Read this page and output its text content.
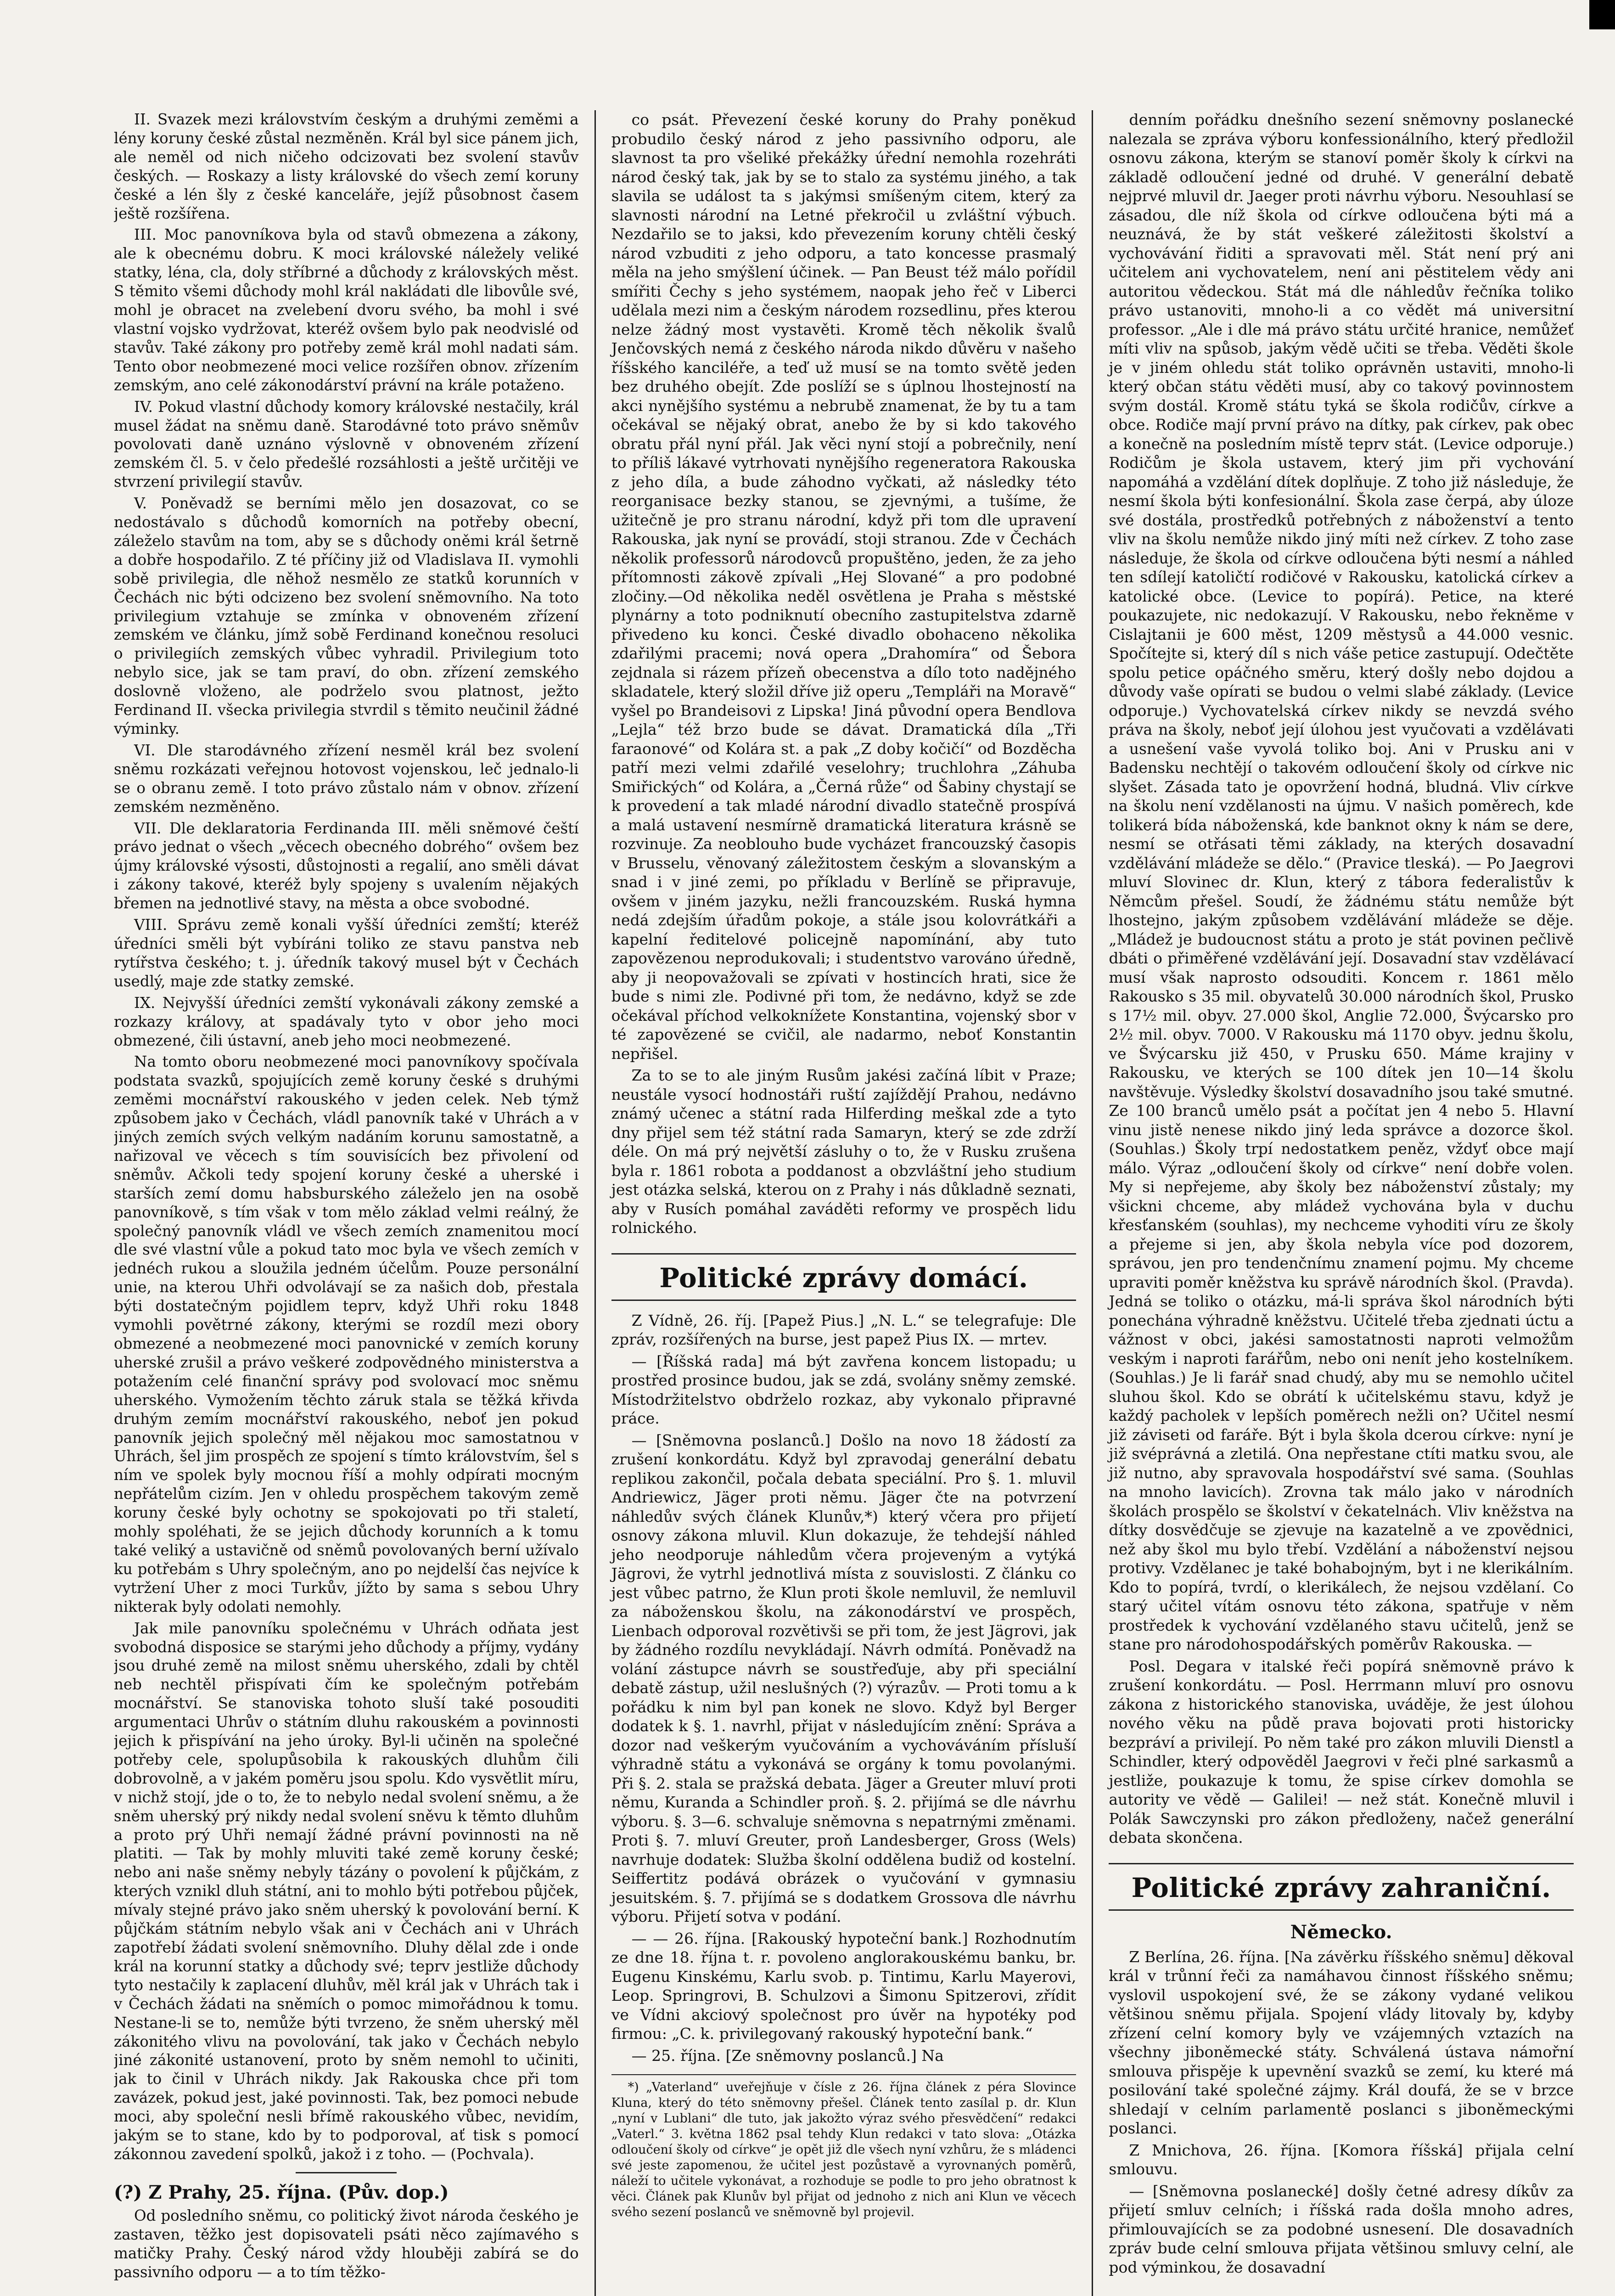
II. Svazek mezi královstvím českým a druhými zeměmi a lény koruny české zůstal nezměněn. Král byl sice pánem jich, ale neměl od nich ničeho odcizovati bez svolení stavův českých. — Roskazy a listy královské do všech zemí koruny české a lén šly z české kanceláře, jejíž působnost časem ještě rozšířena.

III. Moc panovníkova byla od stavů obmezena a zákony, ale k obecnému dobru. K moci královské náležely veliké statky, léna, cla, doly stříbrné a důchody z královských měst. S těmito všemi důchody mohl král nakládati dle libovůle své, mohl je obracet na zvelebení dvoru svého, ba mohl i své vlastní vojsko vydržovat, kteréž ovšem bylo pak neodvislé od stavův. Také zákony pro potřeby země král mohl nadati sám. Tento obor neobmezené moci velice rozšířen obnov. zřízením zemským, ano celé zákonodárství právní na krále potaženo.

IV. Pokud vlastní důchody komory královské nestačily, král musel žádat na sněmu daně. Starodávné toto právo sněmův povolovati daně uznáno výslovně v obnoveném zřízení zemském čl. 5. v čelo předešlé rozsáhlosti a ještě určitěji ve stvrzení privilegií stavův.

V. Poněvadž se berními mělo jen dosazovat, co se nedostávalo s důchodů komorních na potřeby obecní, záleželo stavům na tom, aby se s důchody oněmi král šetrně a dobře hospodařilo. Z té příčiny již od Vladislava II. vymohli sobě privilegia, dle něhož nesmělo ze statků korunních v Čechách nic býti odcizeno bez svolení sněmovního. Na toto privilegium vztahuje se zmínka v obnoveném zřízení zemském ve článku, jímž sobě Ferdinand konečnou resoluci o privilegiích zemských vůbec vyhradil. Privilegium toto nebylo sice, jak se tam praví, do obn. zřízení zemského doslovně vloženo, ale podrželo svou platnost, ježto Ferdinand II. všecka privilegia stvrdil s těmito neučinil žádné výminky.

VI. Dle starodávného zřízení nesměl král bez svolení sněmu rozkázati veřejnou hotovost vojenskou, leč jednalo-li se o obranu země. I toto právo zůstalo nám v obnov. zřízení zemském nezměněno.

VII. Dle deklaratoria Ferdinanda III. měli sněmové čeští právo jednat o všech „věcech obecného dobrého“ ovšem bez újmy královské výsosti, důstojnosti a regalií, ano směli dávat i zákony takové, kteréž byly spojeny s uvalením nějakých břemen na jednotlivé stavy, na města a obce svobodné.

VIII. Správu země konali vyšší úředníci zemští; kteréž úředníci směli být vybíráni toliko ze stavu panstva neb rytířstva českého; t. j. úředník takový musel být v Čechách usedlý, maje zde statky zemské.

IX. Nejvyšší úředníci zemští vykonávali zákony zemské a rozkazy královy, at spadávaly tyto v obor jeho moci obmezené, čili ústavní, aneb jeho moci neobmezené.

Na tomto oboru neobmezené moci panovníkovy spočívala podstata svazků, spojujících země koruny české s druhými zeměmi mocnářství rakouského v jeden celek. Neb týmž způsobem jako v Čechách, vládl panovník také v Uhrách a v jiných zemích svých velkým nadáním korunu samostatně, a nařizoval ve věcech s tím souvisících bez přivolení od sněmův. Ačkoli tedy spojení koruny české a uherské i starších zemí domu habsburského záleželo jen na osobě panovníkově, s tím však v tom mělo základ velmi reálný, že společný panovník vládl ve všech zemích znamenitou mocí dle své vlastní vůle a pokud tato moc byla ve všech zemích v jednéch rukou a sloužila jedném účelům. Pouze personální unie, na kterou Uhři odvolávají se za našich dob, přestala býti dostatečným pojidlem teprv, když Uhři roku 1848 vymohli povětrné zákony, kterými se rozdíl mezi obory obmezené a neobmezené moci panovnické v zemích koruny uherské zrušil a právo veškeré zodpovědného ministerstva a potažením celé finanční správy pod svolovací moc sněmu uherského. Vymožením těchto záruk stala se těžká křivda druhým zemím mocnářství rakouského, neboť jen pokud panovník jejich společný měl nějakou moc samostatnou v Uhrách, šel jim prospěch ze spojení s tímto královstvím, šel s ním ve spolek byly mocnou říší a mohly odpírati mocným nepřátelům cizím. Jen v ohledu prospěchem takovým země koruny české byly ochotny se spokojovati po tři staletí, mohly spoléhati, že se jejich důchody korunních a k tomu také veliký a ustavičně od sněmů povolovaných berní užívalo ku potřebám s Uhry společným, ano po nejdelší čas nejvíce k vytržení Uher z moci Turkův, jížto by sama s sebou Uhry nikterak byly odolati nemohly.

Jak mile panovníku společnému v Uhrách odňata jest svobodná disposice se starými jeho důchody a příjmy, vydány jsou druhé země na milost sněmu uherského, zdali by chtěl neb nechtěl přispívati čím ke společným potřebám mocnářství. Se stanoviska tohoto sluší také posouditi argumentaci Uhrův o státním dluhu rakouském a povinnosti jejich k přispívání na jeho úroky. Byl-li učiněn na společné potřeby cele, spolupůsobila k rakouských dluhům čili dobrovolně, a v jakém poměru jsou spolu. Kdo vysvětlit míru, v nichž stojí, jde o to, že to nebylo nedal svolení sněmu, a že sněm uherský prý nikdy nedal svolení sněvu k těmto dluhům a proto prý Uhři nemají žádné právní povinnosti na ně platiti. — Tak by mohly mluviti také země koruny české; nebo ani naše sněmy nebyly tázány o povolení k půjčkám, z kterých vznikl dluh státní, ani to mohlo býti potřebou půjček, mívaly stejné právo jako sněm uherský k povolování berní. K půjčkám státním nebylo však ani v Čechách ani v Uhrách zapotřebí žádati svolení sněmovního. Dluhy dělal zde i onde král na korunní statky a důchody své; teprv jestliže důchody tyto nestačily k zaplacení dluhův, měl král jak v Uhrách tak i v Čechách žádati na sněmích o pomoc mimořádnou k tomu. Nestane-li se to, nemůže býti tvrzeno, že sněm uherský měl zákonitého vlivu na povolování, tak jako v Čechách nebylo jiné zákonité ustanovení, proto by sněm nemohl to učiniti, jak to činil v Uhrách nikdy. Jak Rakouska chce při tom zavázek, pokud jest, jaké povinnosti. Tak, bez pomoci nebude moci, aby společní nesli břímě rakouského vůbec, nevidím, jakým se to stane, kdo by to podporoval, ať tisk s pomocí zákonnou zavedení spolků, jakož i z toho. — (Pochvala).

(?) Z Prahy, 25. října. (Pův. dop.)

Od posledního sněmu, co politický život národa českého je zastaven, těžko jest dopisovateli psáti něco zajímavého s matičky Prahy. Český národ vždy hlouběji zabírá se do passivního odporu — a to tím těžko-

co psát. Převezení české koruny do Prahy poněkud probudilo český národ z jeho passivního odporu, ale slavnost ta pro všeliké překážky úřední nemohla rozehráti národ český tak, jak by se to stalo za systému jiného, a tak slavila se událost ta s jakýmsi smíšeným citem, který za slavnosti národní na Letné překročil u zvláštní výbuch. Nezdařilo se to jaksi, kdo převezením koruny chtěli český národ vzbuditi z jeho odporu, a tato koncesse prasmalý měla na jeho smýšlení účinek. — Pan Beust též málo pořídil smířiti Čechy s jeho systémem, naopak jeho řeč v Liberci udělala mezi nim a českým národem rozsedlinu, přes kterou nelze žádný most vystavěti. Kromě těch několik švalů Jenčovských nemá z českého národa nikdo důvěru v našeho říšského kanciléře, a teď už musí se na tomto světě jeden bez druhého obejít. Zde poslíží se s úplnou lhostejností na akci nynějšího systému a nebrubě znamenat, že by tu a tam očekával se nějaký obrat, anebo že by si kdo takového obratu přál nyní přál. Jak věci nyní stojí a pobrečnily, není to příliš lákavé vytrhovati nynějšího regeneratora Rakouska z jeho díla, a bude záhodno vyčkati, až následky této reorganisace bezky stanou, se zjevnými, a tušíme, že užitečně je pro stranu národní, když při tom dle upravení Rakouska, jak nyní se provádí, stoji stranou. Zde v Čechách několik professorů národovců propuštěno, jeden, že za jeho přítomnosti zákově zpívali „Hej Slované“ a pro podobné zločiny.—Od několika neděl osvětlena je Praha s městské plynárny a toto podniknutí obecního zastupitelstva zdarně přivedeno ku konci. České divadlo obohaceno několika zdařilými pracemi; nová opera „Drahomíra“ od Šebora zejdnala si rázem přízeň obecenstva a dílo toto nadějného skladatele, který složil dříve již operu „Templáři na Moravě“ vyšel po Brandeisovi z Lipska! Jiná původní opera Bendlova „Lejla“ též brzo bude se dávat. Dramatická díla „Tři faraonové“ od Kolára st. a pak „Z doby kočičí“ od Bozděcha patří mezi velmi zdařilé veselohry; truchlohra „Záhuba Smiřických“ od Kolára, a „Černá růže“ od Šabiny chystají se k provedení a tak mladé národní divadlo statečně prospívá a malá ustavení nesmírně dramatická literatura krásně se rozvinuje. Za neoblouho bude vycházet francouzský časopis v Brusselu, věnovaný záležitostem českým a slovanským a snad i v jiné zemi, po příkladu v Berlíně se připravuje, ovšem v jiném jazyku, nežli francouzském. Ruská hymna nedá zdejším úřadům pokoje, a stále jsou kolovrátkáři a kapelní ředitelové policejně napomínání, aby tuto zapovězenou neprodukovali; i studentstvo varováno úředně, aby ji neopovažovali se zpívati v hostincích hrati, sice že bude s nimi zle. Podivné při tom, že nedávno, když se zde očekával příchod velkoknížete Konstantina, vojenský sbor v té zapovězené se cvičil, ale nadarmo, neboť Konstantin nepřišel.

Za to se to ale jiným Rusům jakési začíná líbit v Praze; neustále vysocí hodnostáři ruští zajíždějí Prahou, nedávno známý učenec a státní rada Hilferding meškal zde a tyto dny přijel sem též státní rada Samaryn, který se zde zdrží déle. On má prý největší zásluhy o to, že v Rusku zrušena byla r. 1861 robota a poddanost a obzvláštní jeho studium jest otázka selská, kterou on z Prahy i nás důkladně seznati, aby v Rusích pomáhal zaváděti reformy ve prospěch lidu rolnického.

Politické zprávy domácí.

Z Vídně, 26. říj. [Papež Pius.] „N. L.“ se telegrafuje: Dle zpráv, rozšířených na burse, jest papež Pius IX. — mrtev.

— [Říšská rada] má být zavřena koncem listopadu; u prostřed prosince budou, jak se zdá, svolány sněmy zemské. Místodržitelstvo obdrželo rozkaz, aby vykonalo připravné práce.

— [Sněmovna poslanců.] Došlo na novo 18 žádostí za zrušení konkordátu. Když byl zpravodaj generální debatu replikou zakončil, počala debata speciální. Pro §. 1. mluvil Andriewicz, Jäger proti němu. Jäger čte na potvrzení náhledův svých článek Klunův,*) který včera pro přijetí osnovy zákona mluvil. Klun dokazuje, že tehdejší náhled jeho neodporuje náhledům včera projeveným a vytýká Jägrovi, že vytrhl jednotlivá místa z souvislosti. Z článku co jest vůbec patrno, že Klun proti škole nemluvil, že nemluvil za náboženskou školu, na zákonodárství ve prospěch, Lienbach odporoval rozvětivši se při tom, že jest Jägrovi, jak by žádného rozdílu nevykládají. Návrh odmítá. Poněvadž na volání zástupce návrh se soustřeďuje, aby při speciální debatě zástup, užil neslušných (?) výrazův. — Proti tomu a k pořádku k nim byl pan konek ne slovo. Když byl Berger dodatek k §. 1. navrhl, přijat v následujícím znění: Správa a dozor nad veškerým vyučováním a vychováváním přísluší výhradně státu a vykonává se orgány k tomu povolanými. Při §. 2. stala se pražská debata. Jäger a Greuter mluví proti němu, Kuranda a Schindler proň. §. 2. přijímá se dle návrhu výboru. §. 3—6. schvaluje sněmovna s nepatrnými změnami. Proti §. 7. mluví Greuter, proň Landesberger, Gross (Wels) navrhuje dodatek: Služba školní oddělena budiž od kostelní. Seiffertitz podává obrázek o vyučování v gymnasiu jesuitském. §. 7. přijímá se s dodatkem Grossova dle návrhu výboru. Přijetí sotva v podání.

— — 26. října. [Rakouský hypoteční bank.] Rozhodnutím ze dne 18. října t. r. povoleno anglorakouskému banku, br. Eugenu Kinskému, Karlu svob. p. Tintimu, Karlu Mayerovi, Leop. Springrovi, B. Schulzovi a Šimonu Spitzerovi, zřídit ve Vídni akciový společnost pro úvěr na hypotéky pod firmou: „C. k. privilegovaný rakouský hypoteční bank.“

— 25. října. [Ze sněmovny poslanců.] Na

*) „Vaterland“ uveřejňuje v čísle z 26. října článek z péra Slovince Kluna, který do této sněmovny přešel. Článek tento zasílal p. dr. Klun „nyní v Lublani“ dle tuto, jak jakožto výraz svého přesvědčení“ redakci „Vaterl.“ 3. května 1862 psal tehdy Klun redakci v tato slova: „Otázka odloučení školy od církve“ je opět již dle všech nyní vzhůru, že s mládenci své jeste zapomenou, že učitel jest pozůstavě a vyrovnaných poměrů, náleží to učitele vykonávat, a rozhoduje se podle to pro jeho obratnost k věci. Článek pak Klunův byl přijat od jednoho z nich ani Klun ve věcech svého sezení poslanců ve sněmovně byl projevil.

denním pořádku dnešního sezení sněmovny poslanecké nalezala se zpráva výboru konfessionálního, který předložil osnovu zákona, kterým se stanoví poměr školy k církvi na základě odloučení jedné od druhé. V generální debatě nejprvé mluvil dr. Jaeger proti návrhu výboru. Nesouhlasí se zásadou, dle níž škola od církve odloučena býti má a neuznává, že by stát veškeré záležitosti školství a vychovávání řiditi a spravovati měl. Stát není prý ani učitelem ani vychovatelem, není ani pěstitelem vědy ani autoritou vědeckou. Stát má dle náhledův řečníka toliko právo ustanoviti, mnoho-li a co vědět má universitní professor. „Ale i dle má právo státu určité hranice, nemůžeť míti vliv na spůsob, jakým vědě učiti se třeba. Věděti škole je v jiném ohledu stát toliko oprávněn ustaviti, mnoho-li který občan státu věděti musí, aby co takový povinnostem svým dostál. Kromě státu tyká se škola rodičův, církve a obce. Rodiče mají první právo na dítky, pak církev, pak obec a konečně na posledním místě teprv stát. (Levice odporuje.) Rodičům je škola ustavem, který jim při vychování napomáhá a vzdělání dítek doplňuje. Z toho již následuje, že nesmí škola býti konfesionální. Škola zase čerpá, aby úloze své dostála, prostředků potřebných z náboženství a tento vliv na školu nemůže nikdo jiný míti než církev. Z toho zase následuje, že škola od církve odloučena býti nesmí a náhled ten sdílejí katoličtí rodičové v Rakousku, katolická církev a katolické obce. (Levice to popírá). Petice, na které poukazujete, nic nedokazují. V Rakousku, nebo řekněme v Cislajtanii je 600 měst, 1209 městysů a 44.000 vesnic. Spočítejte si, který díl s nich váše petice zastupují. Odečtěte spolu petice opáčného směru, který došly nebo dojdou a důvody vaše opírati se budou o velmi slabé základy. (Levice odporuje.) Vychovatelská církev nikdy se nevzdá svého práva na školy, neboť její úlohou jest vyučovati a vzdělávati a usnešení vaše vyvolá toliko boj. Ani v Prusku ani v Badensku nechtějí o takovém odloučení školy od církve nic slyšet. Zásada tato je opovržení hodná, bludná. Vliv církve na školu není vzdělanosti na újmu. V našich poměrech, kde tolikerá bída náboženská, kde banknot okny k nám se dere, nesmí se otřásati těmi základy, na kterých dosavadní vzdělávání mládeže se dělo.“ (Pravice tleská). — Po Jaegrovi mluví Slovinec dr. Klun, který z tábora federalistův k Němcům přešel. Soudí, že žádnému státu nemůže být lhostejno, jakým způsobem vzdělávání mládeže se děje. „Mládež je budoucnost státu a proto je stát povinen pečlivě dbáti o přiměřené vzdělávání její. Dosavadní stav vzdělávací musí však naprosto odsouditi. Koncem r. 1861 mělo Rakousko s 35 mil. obyvatelů 30.000 národních škol, Prusko s 17½ mil. obyv. 27.000 škol, Anglie 72.000, Švýcarsko pro 2½ mil. obyv. 7000. V Rakousku má 1170 obyv. jednu školu, ve Švýcarsku již 450, v Prusku 650. Máme krajiny v Rakousku, ve kterých se 100 dítek jen 10—14 školu navštěvuje. Výsledky školství dosavadního jsou také smutné. Ze 100 branců umělo psát a počítat jen 4 nebo 5. Hlavní vinu jistě nenese nikdo jiný leda správce a dozorce škol. (Souhlas.) Školy trpí nedostatkem peněz, vždyť obce mají málo. Výraz „odloučení školy od církve“ není dobře volen. My si nepřejeme, aby školy bez náboženství zůstaly; my všickni chceme, aby mládež vychována byla v duchu křesťanském (souhlas), my nechceme vyhoditi víru ze školy a přejeme si jen, aby škola nebyla více pod dozorem, správou, jen pro tendenčnímu znamení pojmu. My chceme upraviti poměr kněžstva ku správě národních škol. (Pravda). Jedná se toliko o otázku, má-li správa škol národních býti ponechána výhradně kněžstvu. Učitelé třeba zjednati úctu a vážnost v obci, jakési samostatnosti naproti velmožům veským i naproti farářům, nebo oni nenít jeho kostelníkem. (Souhlas.) Je li farář snad chudý, aby mu se nemohlo učitel sluhou škol. Kdo se obrátí k učitelskému stavu, když je každý pacholek v lepších poměrech nežli on? Učitel nesmí již záviseti od faráře. Být i byla škola dcerou církve: nyní je již svéprávná a zletilá. Ona nepřestane ctíti matku svou, ale již nutno, aby spravovala hospodářství své sama. (Souhlas na mnoho lavicích). Zrovna tak málo jako v národních školách prospělo se školství v čekatelnách. Vliv kněžstva na dítky dosvědčuje se zjevuje na kazatelně a ve zpovědnici, než aby škol mu bylo třebí. Vzdělání a náboženství nejsou protivy. Vzdělanec je také bohabojným, byt i ne klerikálním. Kdo to popírá, tvrdí, o klerikálech, že nejsou vzdělaní. Co starý učitel vítám osnovu této zákona, spatřuje v něm prostředek k vychování vzdělaného stavu učitelů, jenž se stane pro národohospodářských poměrův Rakouska. —

Posl. Degara v italské řeči popírá sněmovně právo k zrušení konkordátu. — Posl. Herrmann mluví pro osnovu zákona z historického stanoviska, uváděje, že jest úlohou nového věku na půdě prava bojovati proti historicky bezpráví a privilejí. Po něm také pro zákon mluvili Dienstl a Schindler, který odpověděl Jaegrovi v řeči plné sarkasmů a jestliže, poukazuje k tomu, že spise církev domohla se autority ve vědě — Galilei! — než stát. Konečně mluvil i Polák Sawczynski pro zákon předloženy, načež generální debata skončena.

Politické zprávy zahraniční.
Německo.

Z Berlína, 26. října. [Na závěrku říšského sněmu] děkoval král v trůnní řeči za namáhavou činnost říšského sněmu; vyslovil uspokojení své, že se zákony vydané velikou většinou sněmu přijala. Spojení vlády litovaly by, kdyby zřízení celní komory byly ve vzájemných vztazích na všechny jiboněmecké státy. Schválená ústava námořní smlouva přispěje k upevnění svazků se zemí, ku které má posilování také společné zájmy. Král doufá, že se v brzce shledají v celním parlamentě poslanci s jiboněmeckými poslanci.

Z Mnichova, 26. října. [Komora říšská] přijala celní smlouvu.

— [Sněmovna poslanecké] došly četné adresy díkův za přijetí smluv celních; i říšská rada došla mnoho adres, přimlouvajících se za podobné usnesení. Dle dosavadních zpráv bude celní smlouva přijata většinou smluvy celní, ale pod výminkou, že dosavadní
